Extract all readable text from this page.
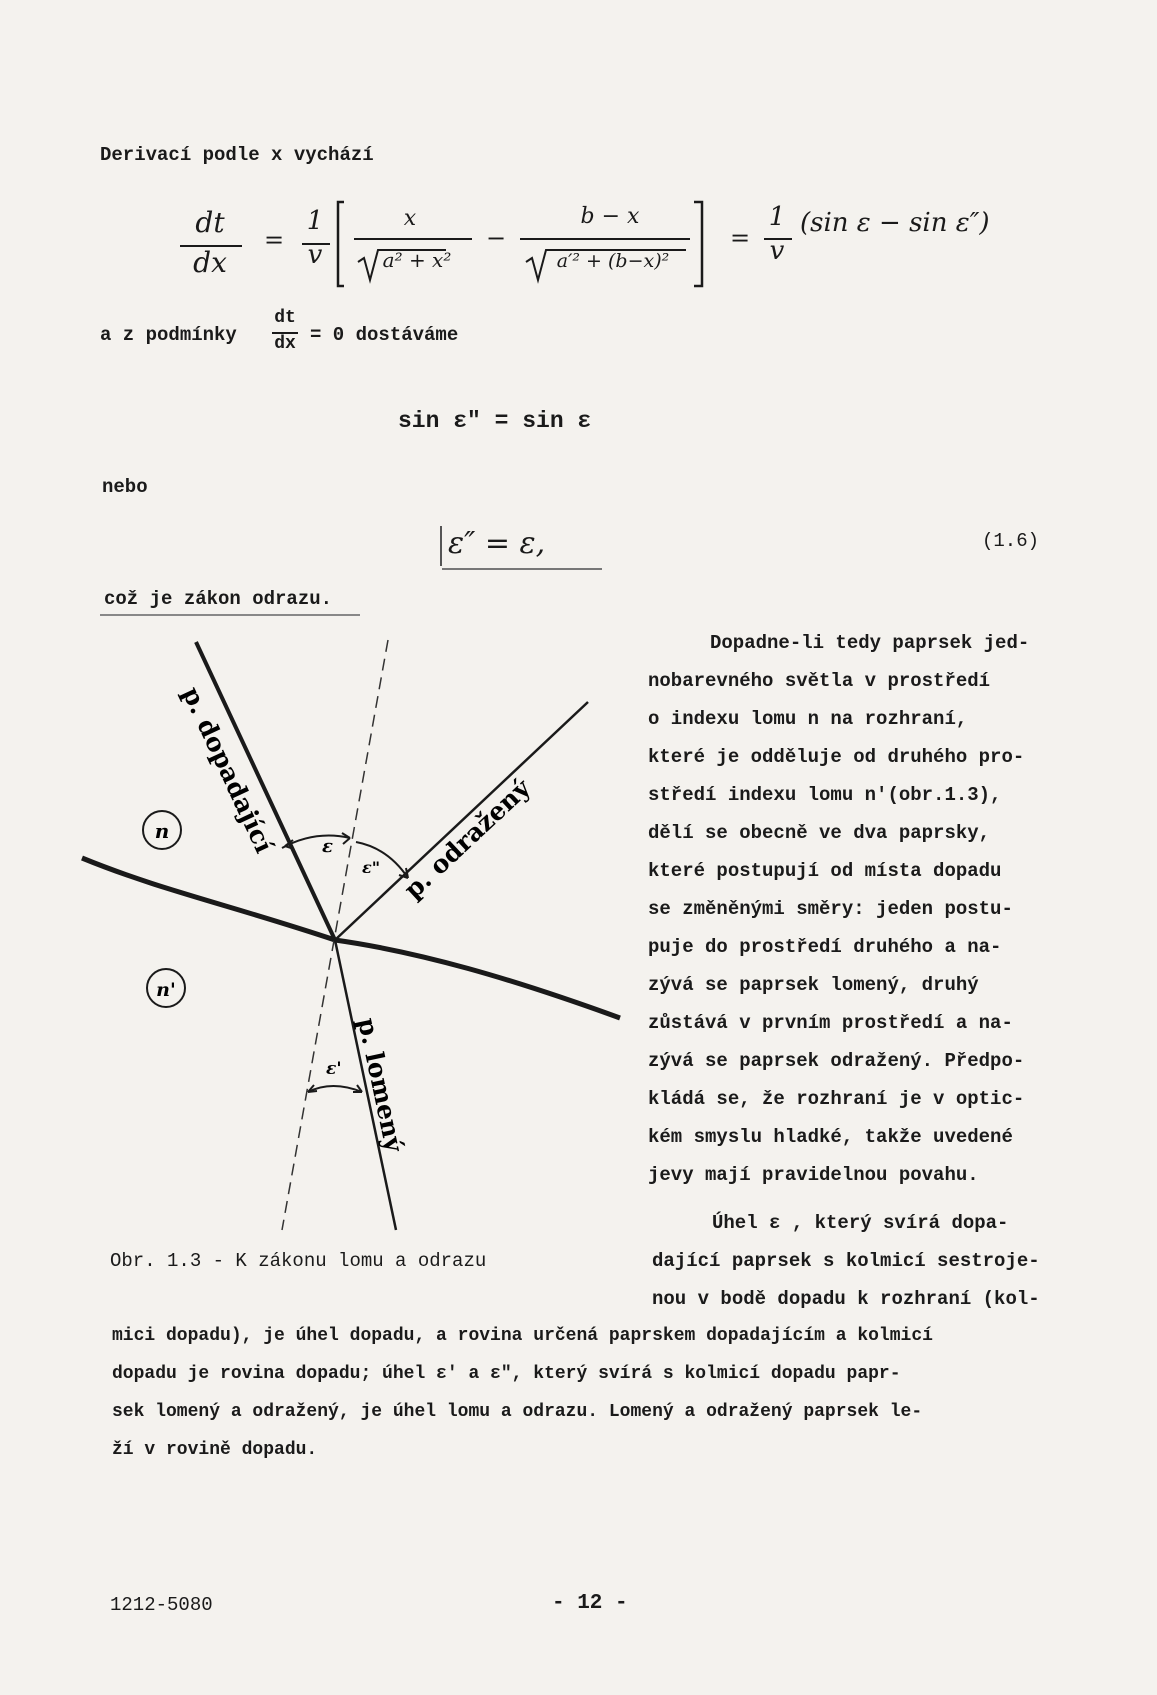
Derivací podle x vychází
dt
dx
=
1
v
x
a² + x²
−
b − x
a′² + (b−x)²
=
1
v
(sin ε − sin ε″)
a z podmínky
dt
dx = 0 dostáváme
sin ε″ = sin ε
nebo
ε″ = ε,	(1.6)
což je zákon odrazu.
n
n'
ε
ε"
ε'
p. dopadající	p. odražený
p. lomený
Obr. 1.3 - K zákonu lomu a odrazu
Dopadne-li tedy paprsek jed-
nobarevného světla v prostředí
o indexu lomu n na rozhraní,
které je odděluje od druhého pro-
středí indexu lomu n′(obr.1.3),
dělí se obecně ve dva paprsky,
které postupují od místa dopadu
se změněnými směry: jeden postu-
puje do prostředí druhého a na-
zývá se paprsek lomený, druhý
zůstává v prvním prostředí a na-
zývá se paprsek odražený. Předpo-
kládá se, že rozhraní je v optic-
kém smyslu hladké, takže uvedené
jevy mají pravidelnou povahu.
Úhel ε , který svírá dopa-
dající paprsek s kolmicí sestroje-
nou v bodě dopadu k rozhraní (kol-
mici dopadu), je úhel dopadu, a rovina určená paprskem dopadajícím a kolmicí
dopadu je rovina dopadu; úhel ε′ a ε″, který svírá s kolmicí dopadu papr-
sek lomený a odražený, je úhel lomu a odrazu. Lomený a odražený paprsek le-
ží v rovině dopadu.
1212-5080	- 12 -
